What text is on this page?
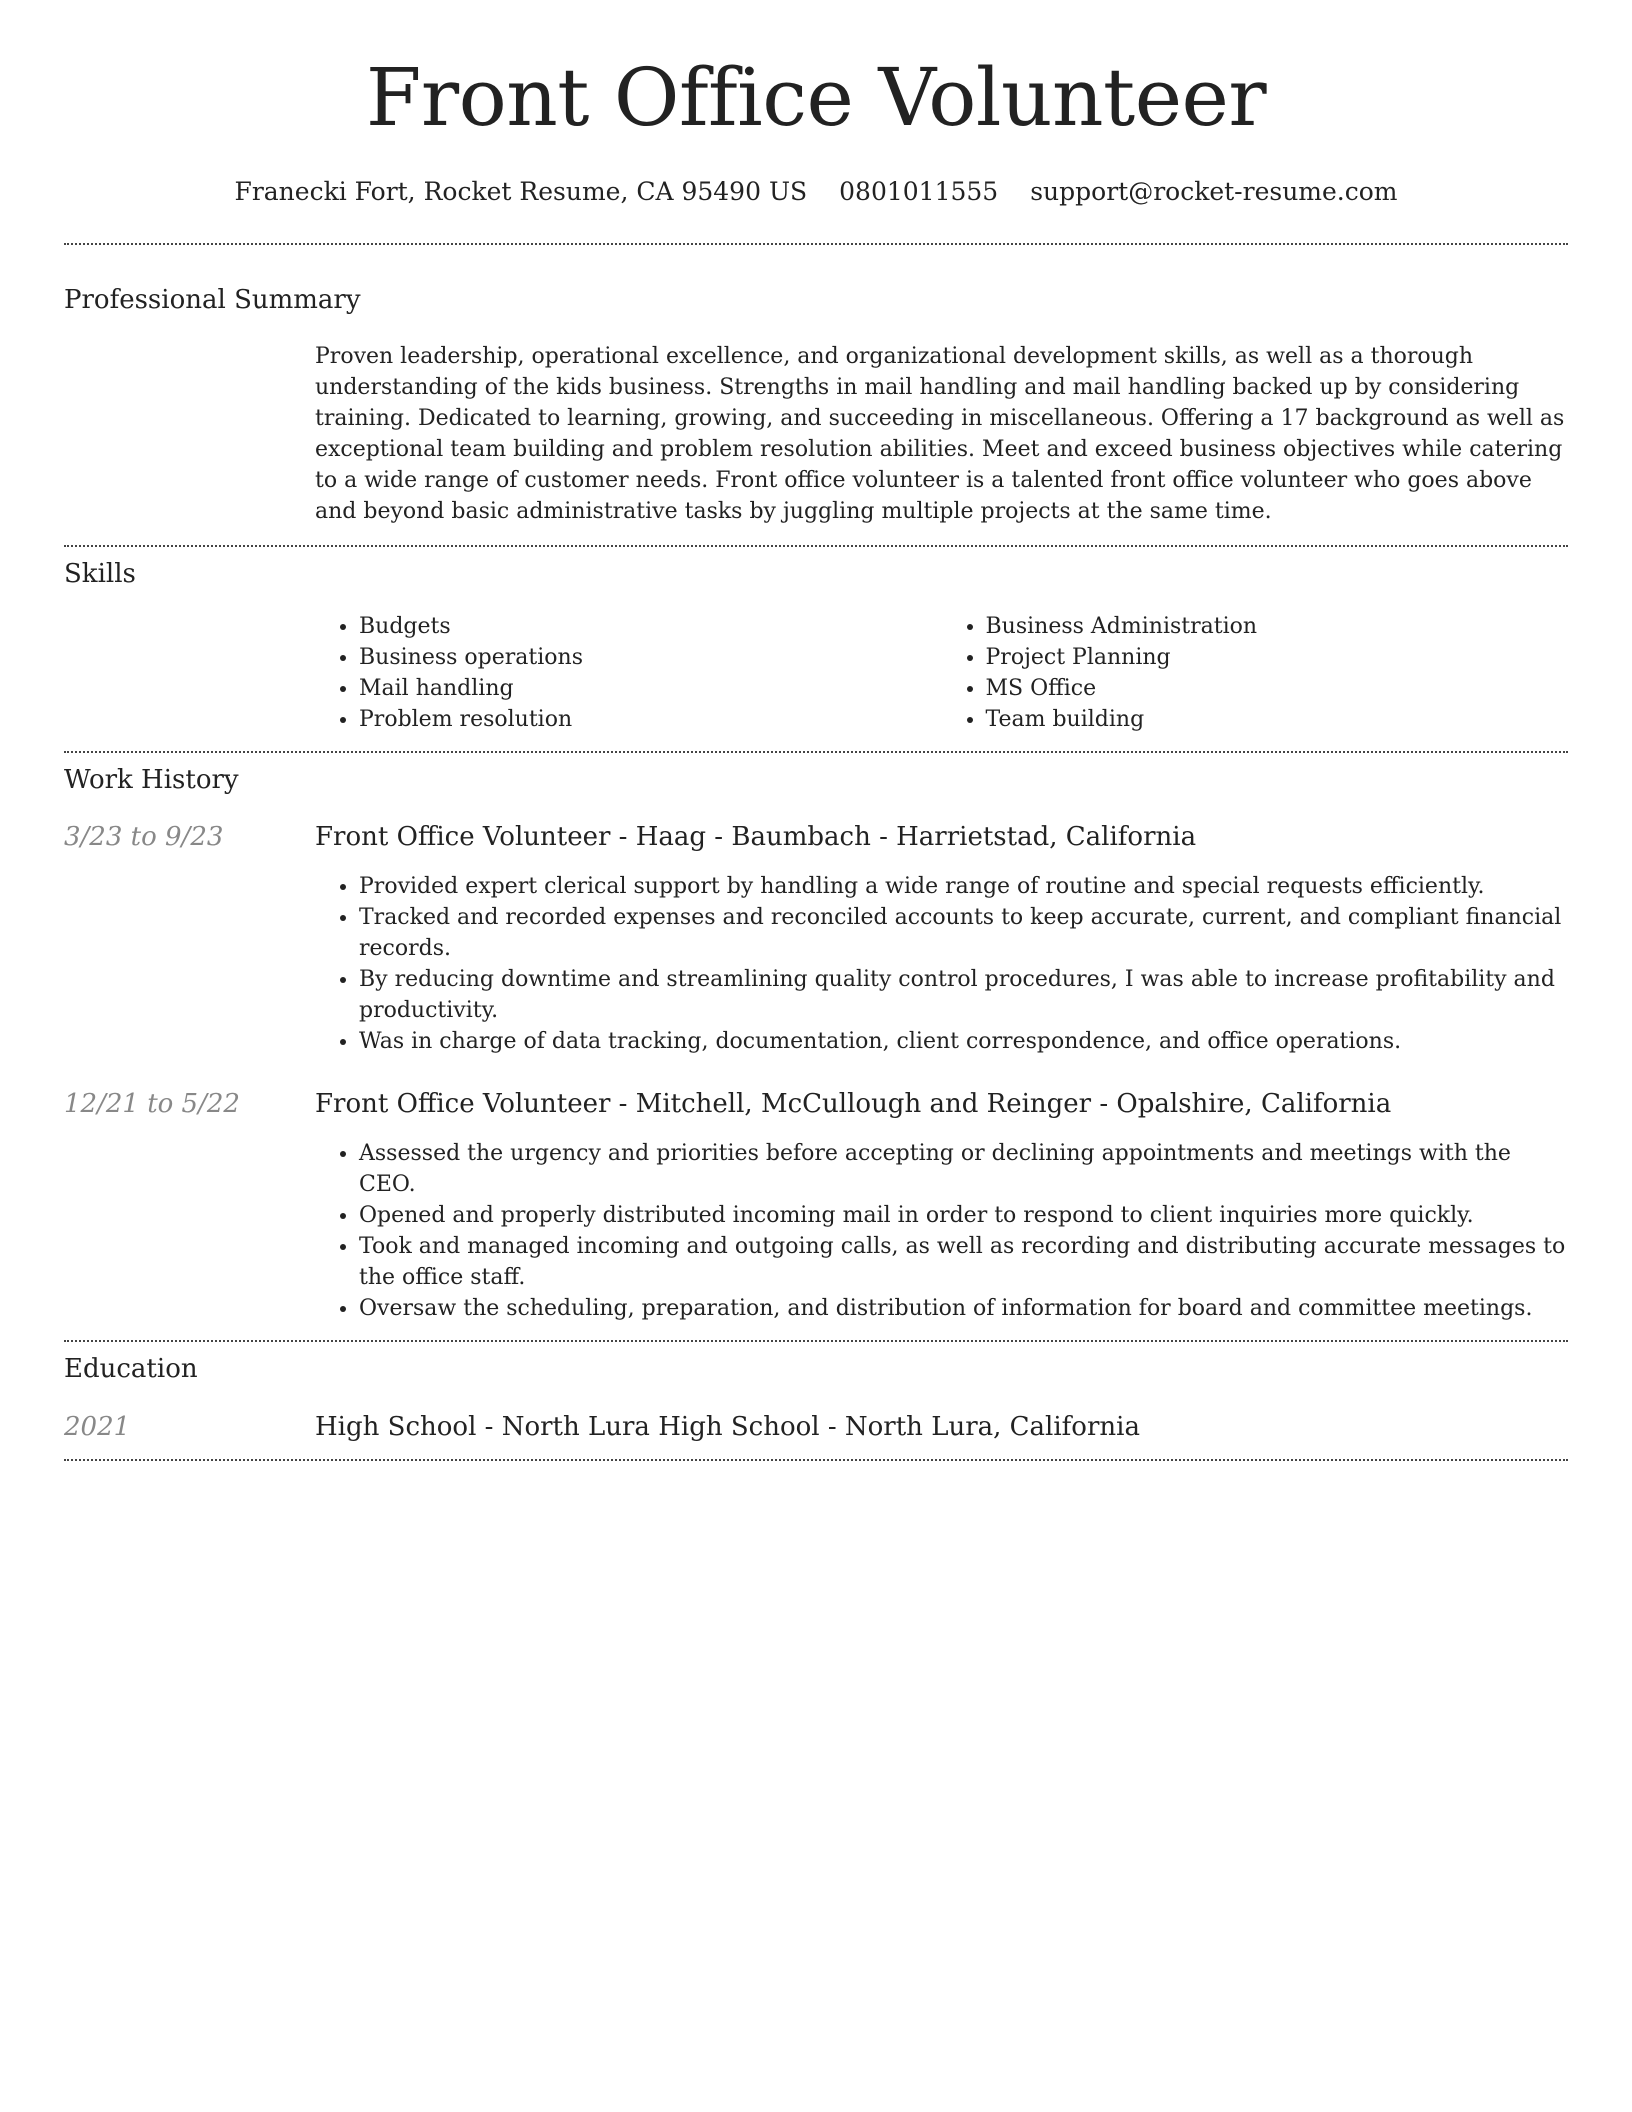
Front Office Volunteer
Franecki Fort, Rocket Resume, CA 95490 US 0801011555 support@rocket-resume.com
Professional Summary
Proven leadership, operational excellence, and organizational development skills, as well as a thorough understanding of the kids business. Strengths in mail handling and mail handling backed up by considering training. Dedicated to learning, growing, and succeeding in miscellaneous. Offering a 17 background as well as exceptional team building and problem resolution abilities. Meet and exceed business objectives while catering to a wide range of customer needs. Front office volunteer is a talented front office volunteer who goes above and beyond basic administrative tasks by juggling multiple projects at the same time.
Skills
• Budgets
• Business operations
• Mail handling
• Problem resolution
• Business Administration
• Project Planning
• MS Office
• Team building
Work History
3/23 to 9/23	Front Office Volunteer - Haag - Baumbach - Harrietstad, California
• Provided expert clerical support by handling a wide range of routine and special requests efficiently.
• Tracked and recorded expenses and reconciled accounts to keep accurate, current, and compliant financial records.
• By reducing downtime and streamlining quality control procedures, I was able to increase profitability and productivity.
• Was in charge of data tracking, documentation, client correspondence, and office operations.
12/21 to 5/22	Front Office Volunteer - Mitchell, McCullough and Reinger - Opalshire, California
• Assessed the urgency and priorities before accepting or declining appointments and meetings with the CEO.
• Opened and properly distributed incoming mail in order to respond to client inquiries more quickly.
• Took and managed incoming and outgoing calls, as well as recording and distributing accurate messages to the office staff.
• Oversaw the scheduling, preparation, and distribution of information for board and committee meetings.
Education
2021	High School - North Lura High School - North Lura, California
